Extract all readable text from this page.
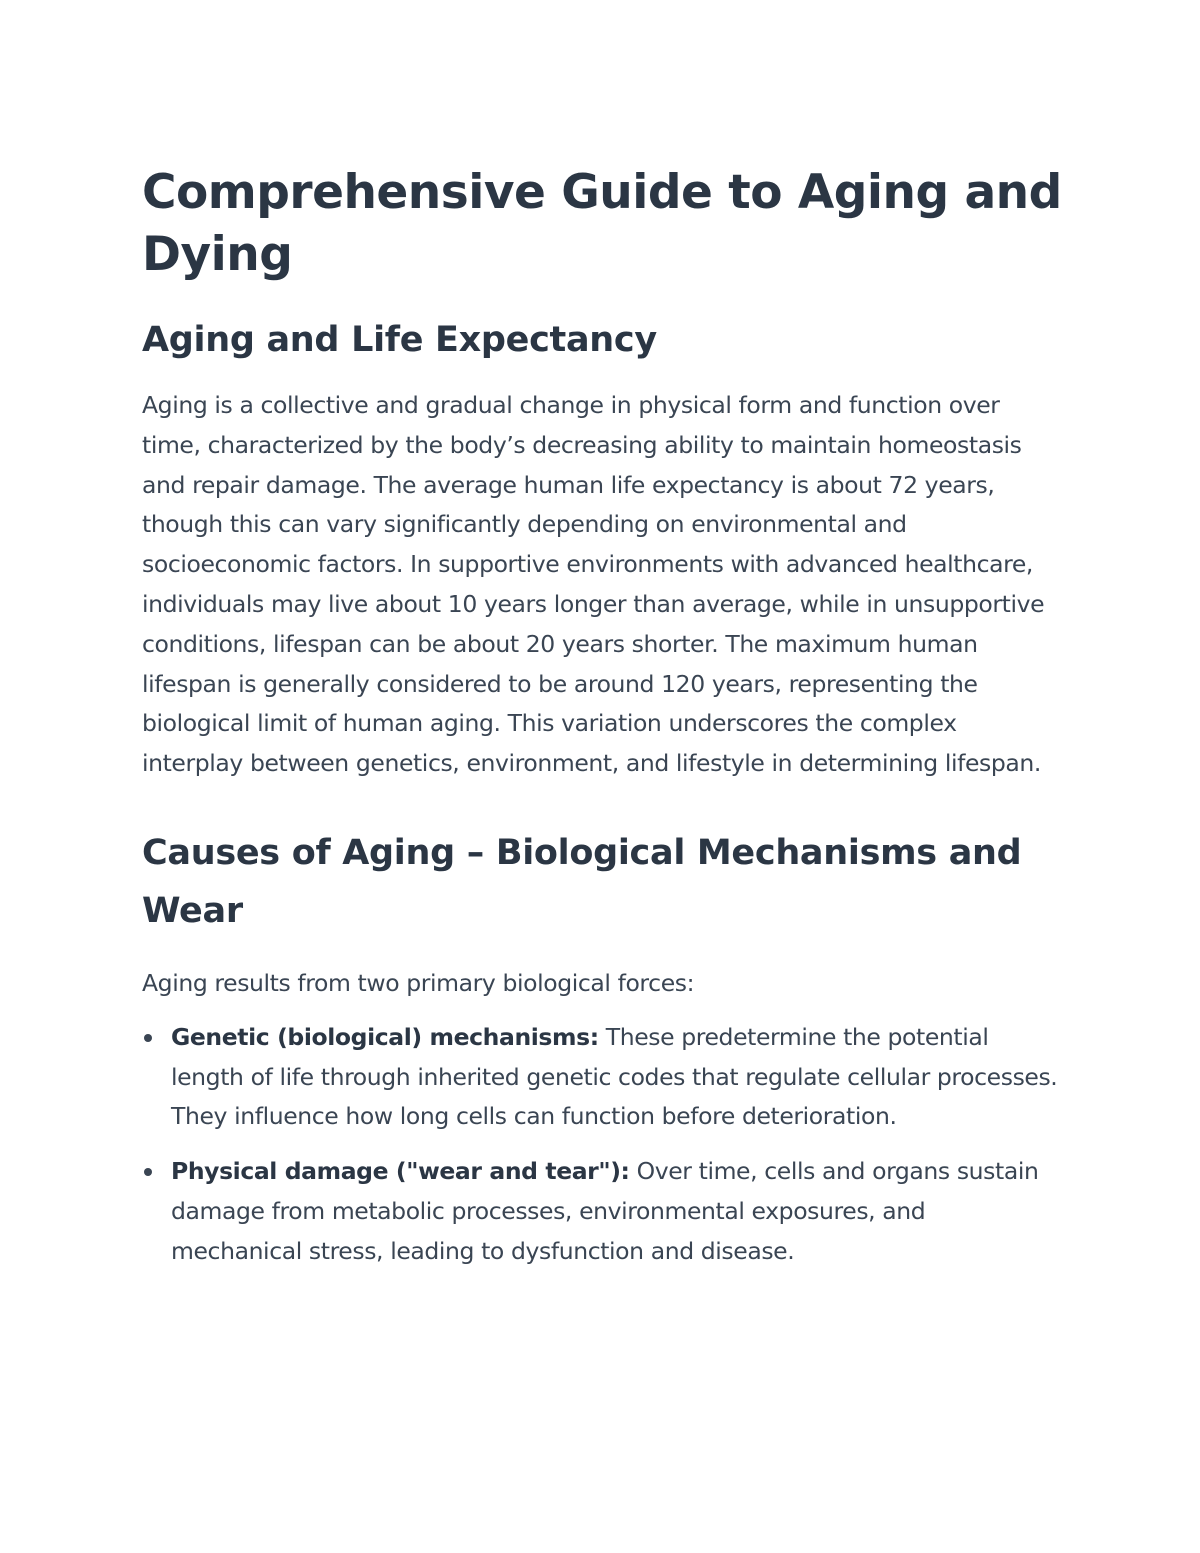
Comprehensive Guide to Aging and Dying
Aging and Life Expectancy

Aging is a collective and gradual change in physical form and function over time, characterized by the body’s decreasing ability to maintain homeostasis and repair damage. The average human life expectancy is about 72 years, though this can vary significantly depending on environmental and socioeconomic factors. In supportive environments with advanced healthcare, individuals may live about 10 years longer than average, while in unsupportive conditions, lifespan can be about 20 years shorter. The maximum human lifespan is generally considered to be around 120 years, representing the biological limit of human aging. This variation underscores the complex interplay between genetics, environment, and lifestyle in determining lifespan.

Causes of Aging – Biological Mechanisms and Wear

Aging results from two primary biological forces:

Genetic (biological) mechanisms: These predetermine the potential length of life through inherited genetic codes that regulate cellular processes. They influence how long cells can function before deterioration.
Physical damage ("wear and tear"): Over time, cells and organs sustain damage from metabolic processes, environmental exposures, and mechanical stress, leading to dysfunction and disease.
